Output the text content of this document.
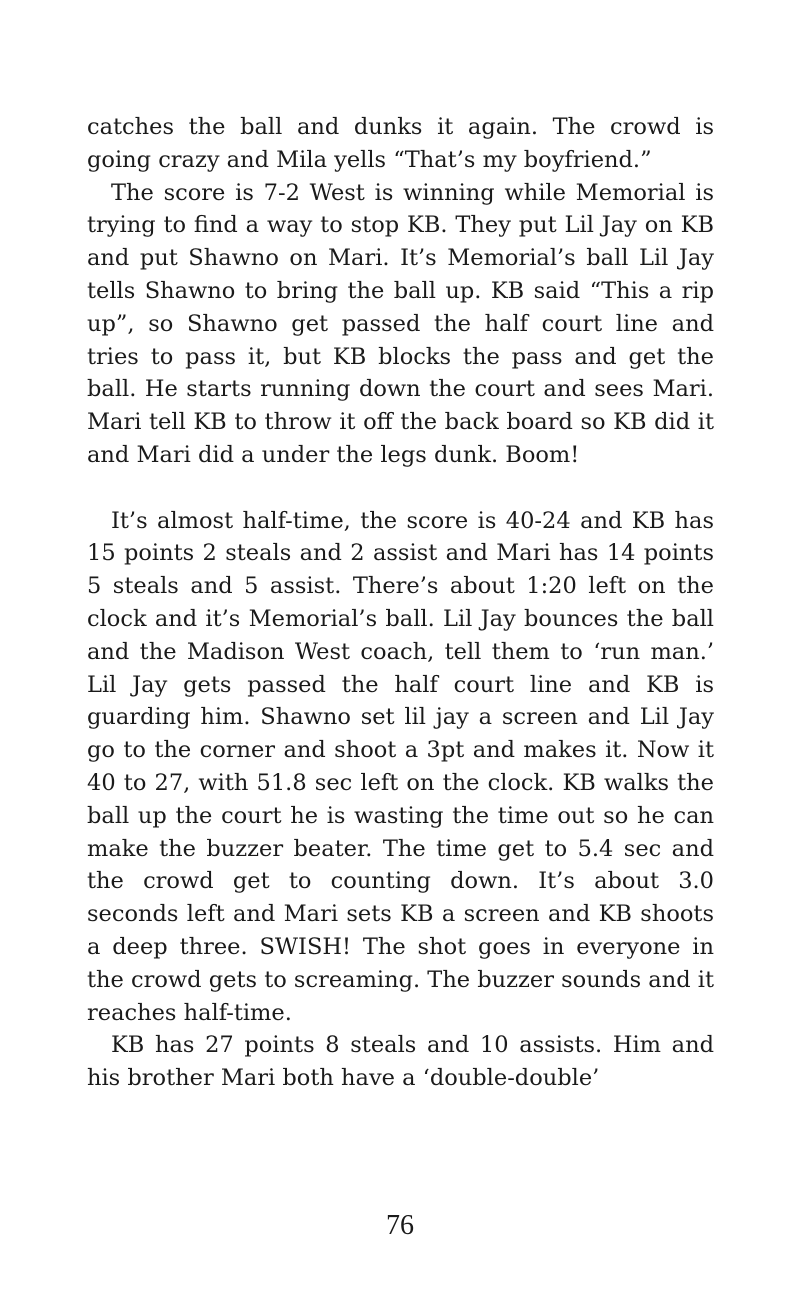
catches the ball and dunks it again. The crowd is going crazy and Mila yells “That’s my boyfriend.”

The score is 7-2 West is winning while Memorial is trying to find a way to stop KB. They put Lil Jay on KB and put Shawno on Mari. It’s Memorial’s ball Lil Jay tells Shawno to bring the ball up. KB said “This a rip up”, so Shawno get passed the half court line and tries to pass it, but KB blocks the pass and get the ball. He starts running down the court and sees Mari. Mari tell KB to throw it off the back board so KB did it and Mari did a under the legs dunk. Boom!

It’s almost half-time, the score is 40-24 and KB has 15 points 2 steals and 2 assist and Mari has 14 points 5 steals and 5 assist. There’s about 1:20 left on the clock and it’s Memorial’s ball. Lil Jay bounces the ball and the Madison West coach, tell them to ‘run man.’ Lil Jay gets passed the half court line and KB is guarding him. Shawno set lil jay a screen and Lil Jay go to the corner and shoot a 3pt and makes it. Now it 40 to 27, with 51.8 sec left on the clock. KB walks the ball up the court he is wasting the time out so he can make the buzzer beater. The time get to 5.4 sec and the crowd get to counting down. It’s about 3.0 seconds left and Mari sets KB a screen and KB shoots a deep three. SWISH! The shot goes in everyone in the crowd gets to screaming. The buzzer sounds and it reaches half-time.

KB has 27 points 8 steals and 10 assists. Him and his brother Mari both have a ‘double-double’

76
